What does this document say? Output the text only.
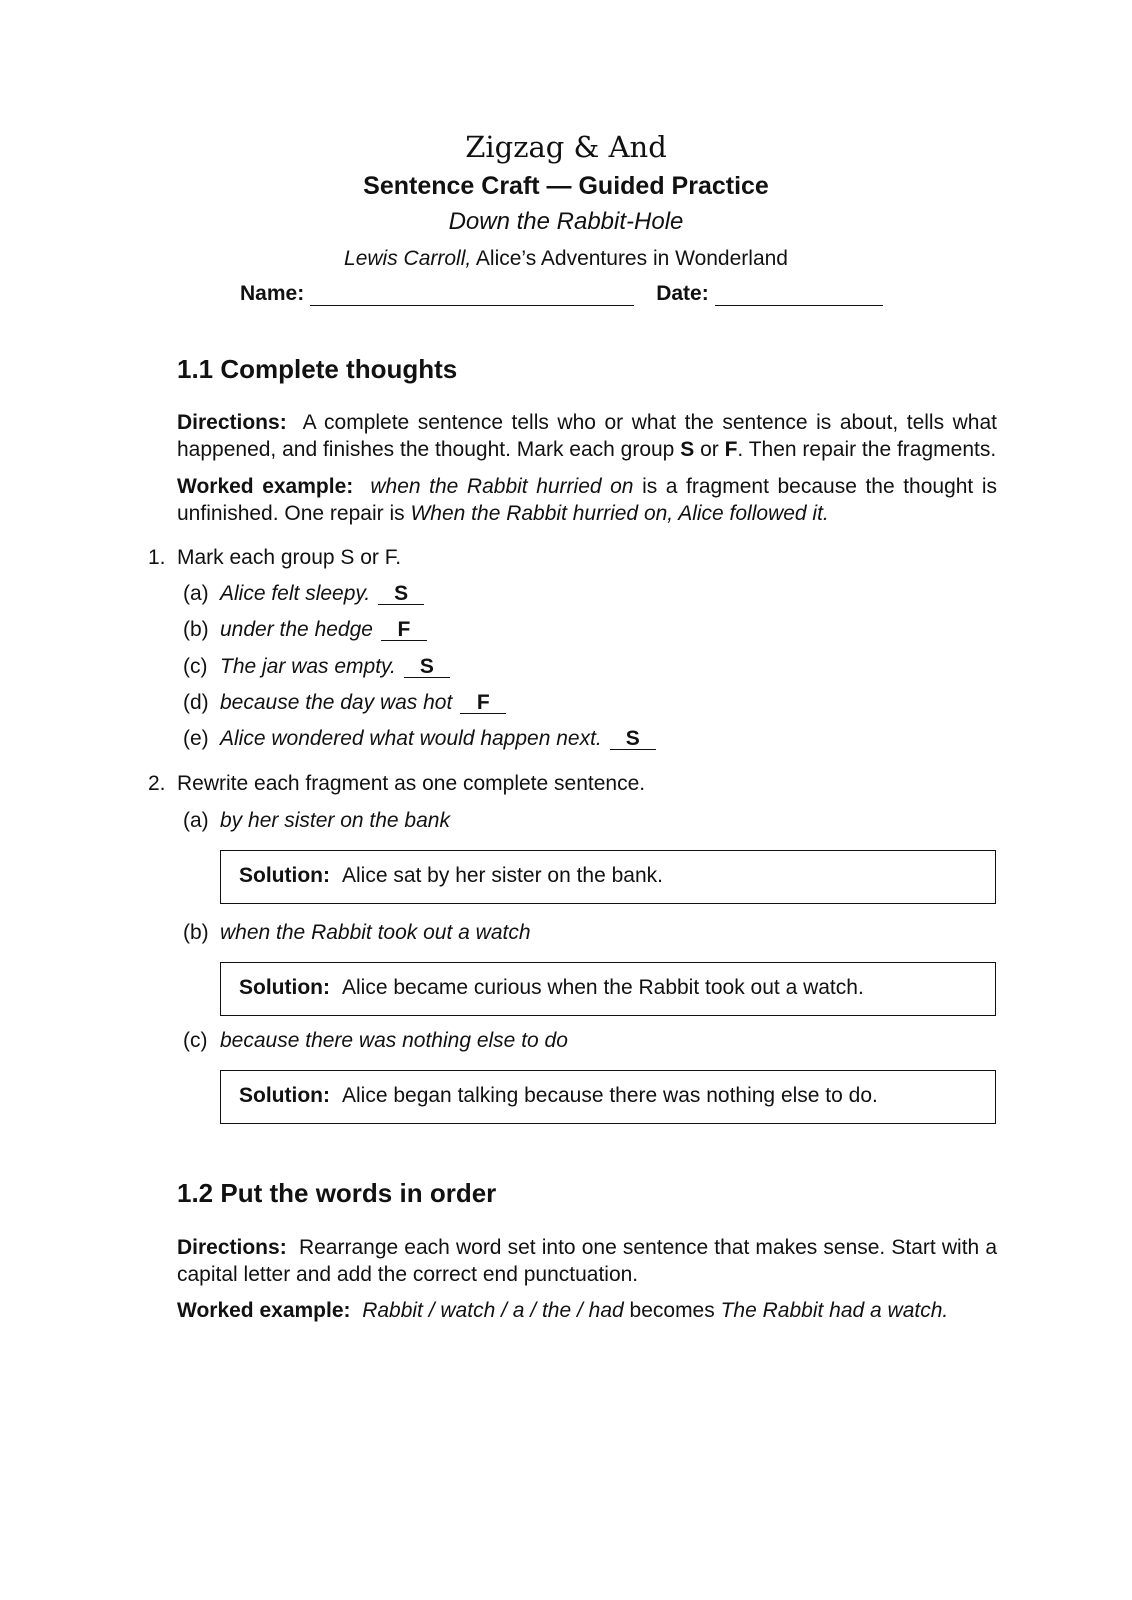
Zigzag & And
Sentence Craft — Guided Practice
Down the Rabbit-Hole
Lewis Carroll, Alice’s Adventures in Wonderland
Name:	Date:
1.1 Complete thoughts
Directions: A complete sentence tells who or what the sentence is about, tells what happened, and finishes the thought. Mark each group S or F. Then repair the fragments.
Worked example: when the Rabbit hurried on is a fragment because the thought is unfinished. One repair is When the Rabbit hurried on, Alice followed it.
1. Mark each group S or F.
(a) Alice felt sleepy. S
(b) under the hedge F
(c) The jar was empty. S
(d) because the day was hot F
(e) Alice wondered what would happen next. S
2. Rewrite each fragment as one complete sentence.
(a) by her sister on the bank
Solution: Alice sat by her sister on the bank.
(b) when the Rabbit took out a watch
Solution: Alice became curious when the Rabbit took out a watch.
(c) because there was nothing else to do
Solution: Alice began talking because there was nothing else to do.
1.2 Put the words in order
Directions: Rearrange each word set into one sentence that makes sense. Start with a capital letter and add the correct end punctuation.
Worked example: Rabbit / watch / a / the / had becomes The Rabbit had a watch.
